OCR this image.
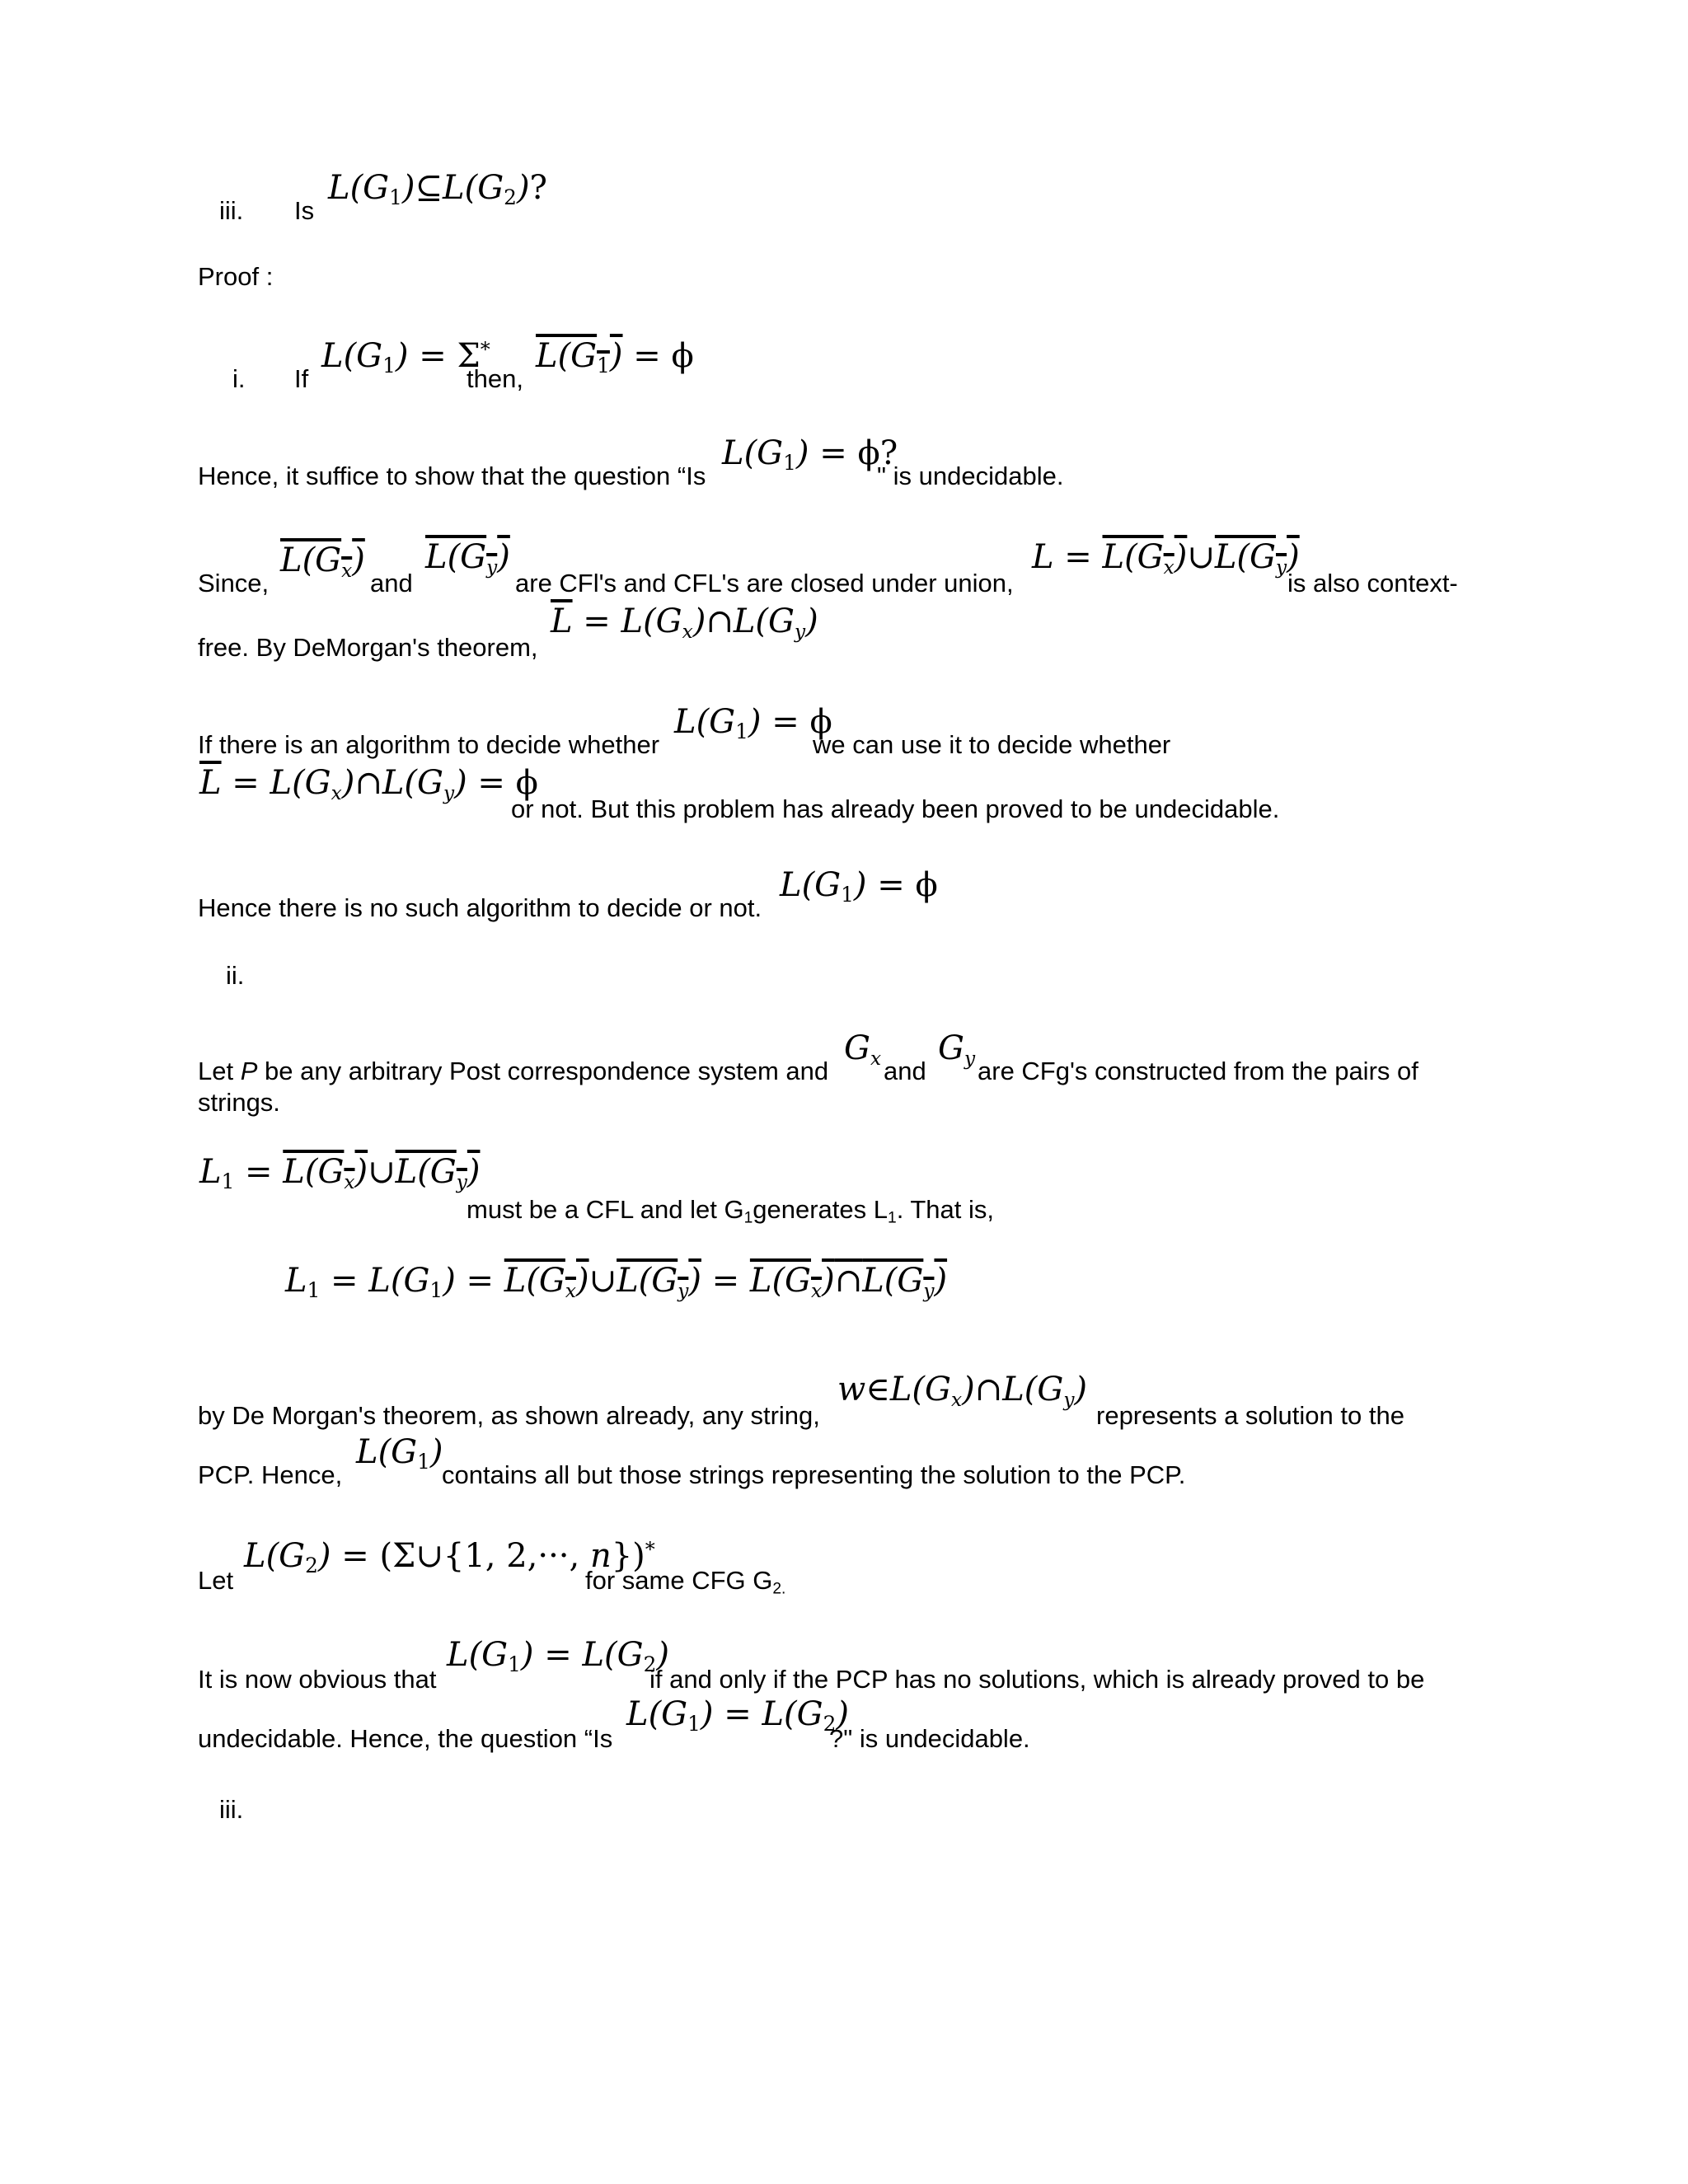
iii. Is
$L(G_1)⊆L(G_2)$?
Proof :
i. If
$L(G_1) = \Sigma^*$
then,
$L(G_1) = \phi$
Hence, it suffice to show that the question “Is
$L(G_1) = \phi$?
" is undecidable.
Since,
$L(G_x)$
and
$L(G_y)$
are CFl's and CFL's are closed under union,
$L = L(G_x)\cup L(G_y)$
is also context-
free. By DeMorgan's theorem,
$\overline{L}$ = $L(G_x)\cap L(G_y)$
If there is an algorithm to decide whether
$L(G_1) = \phi$
we can use it to decide whether
$\overline{L}$ = $L(G_x)\cap L(G_y) = \phi$
or not. But this problem has already been proved to be undecidable.
Hence there is no such algorithm to decide or not.
$L(G_1) = \phi$
ii.
Let P be any arbitrary Post correspondence system and
$G_x$ and
$G_y$ are CFg's constructed from the pairs of
strings.
$L_1$ = $L(G_x)\cup L(G_y)$
must be a CFL and let $G_1generates$ $L_1$. That is,
$L_1 = L(G_1)$ = $L(G_x)\cup L(G_y)$ = $L(G_x)\cap L(G_y)$
by De Morgan's theorem, as shown already, any string,
$w\in L(G_x)\cap L(G_y)$
represents a solution to the
PCP. Hence,
$L(G_1)$
contains all but those strings representing the solution to the PCP.
Let
$L(G_2)$ = (Σ∪{1, 2,···, n})*
for same CFG $G_{2.}$
It is now obvious that
$L(G_1) = L(G_2)$
if and only if the PCP has no solutions, which is already proved to be
undecidable. Hence, the question “Is
$L(G_1) = L(G_2)$
?" is undecidable.
iii.
